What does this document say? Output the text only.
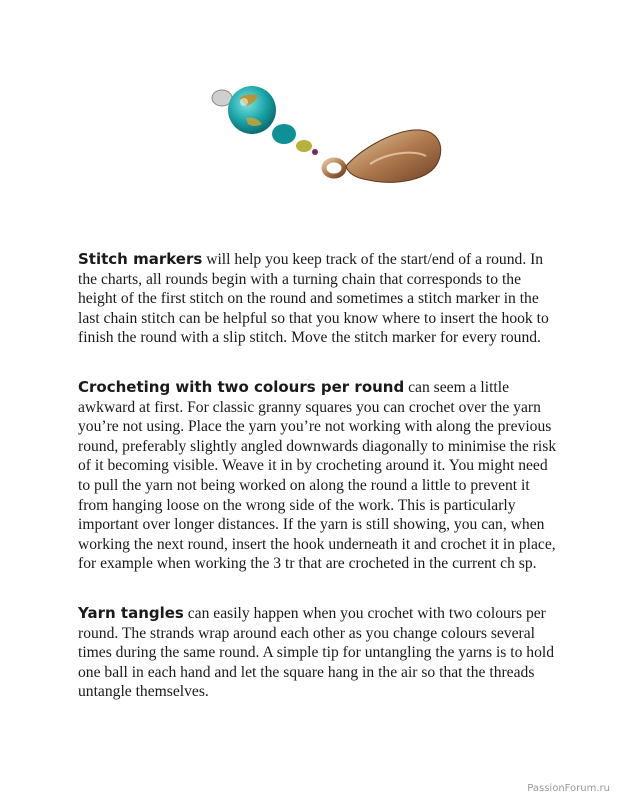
Stitch markers will help you keep track of the start/end of a round. In the charts, all rounds begin with a turning chain that corresponds to the height of the first stitch on the round and sometimes a stitch marker in the last chain stitch can be helpful so that you know where to insert the hook to finish the round with a slip stitch. Move the stitch marker for every round.

Crocheting with two colours per round can seem a little awkward at first. For classic granny squares you can crochet over the yarn you’re not using. Place the yarn you’re not working with along the previous round, preferably slightly angled downwards diagonally to minimise the risk of it becoming visible. Weave it in by crocheting around it. You might need to pull the yarn not being worked on along the round a little to prevent it from hanging loose on the wrong side of the work. This is particularly important over longer distances. If the yarn is still showing, you can, when working the next round, insert the hook underneath it and crochet it in place, for example when working the 3 tr that are crocheted in the current ch sp.

Yarn tangles can easily happen when you crochet with two colours per round. The strands wrap around each other as you change colours several times during the same round. A simple tip for untangling the yarns is to hold one ball in each hand and let the square hang in the air so that the threads untangle themselves.

PassionForum.ru
